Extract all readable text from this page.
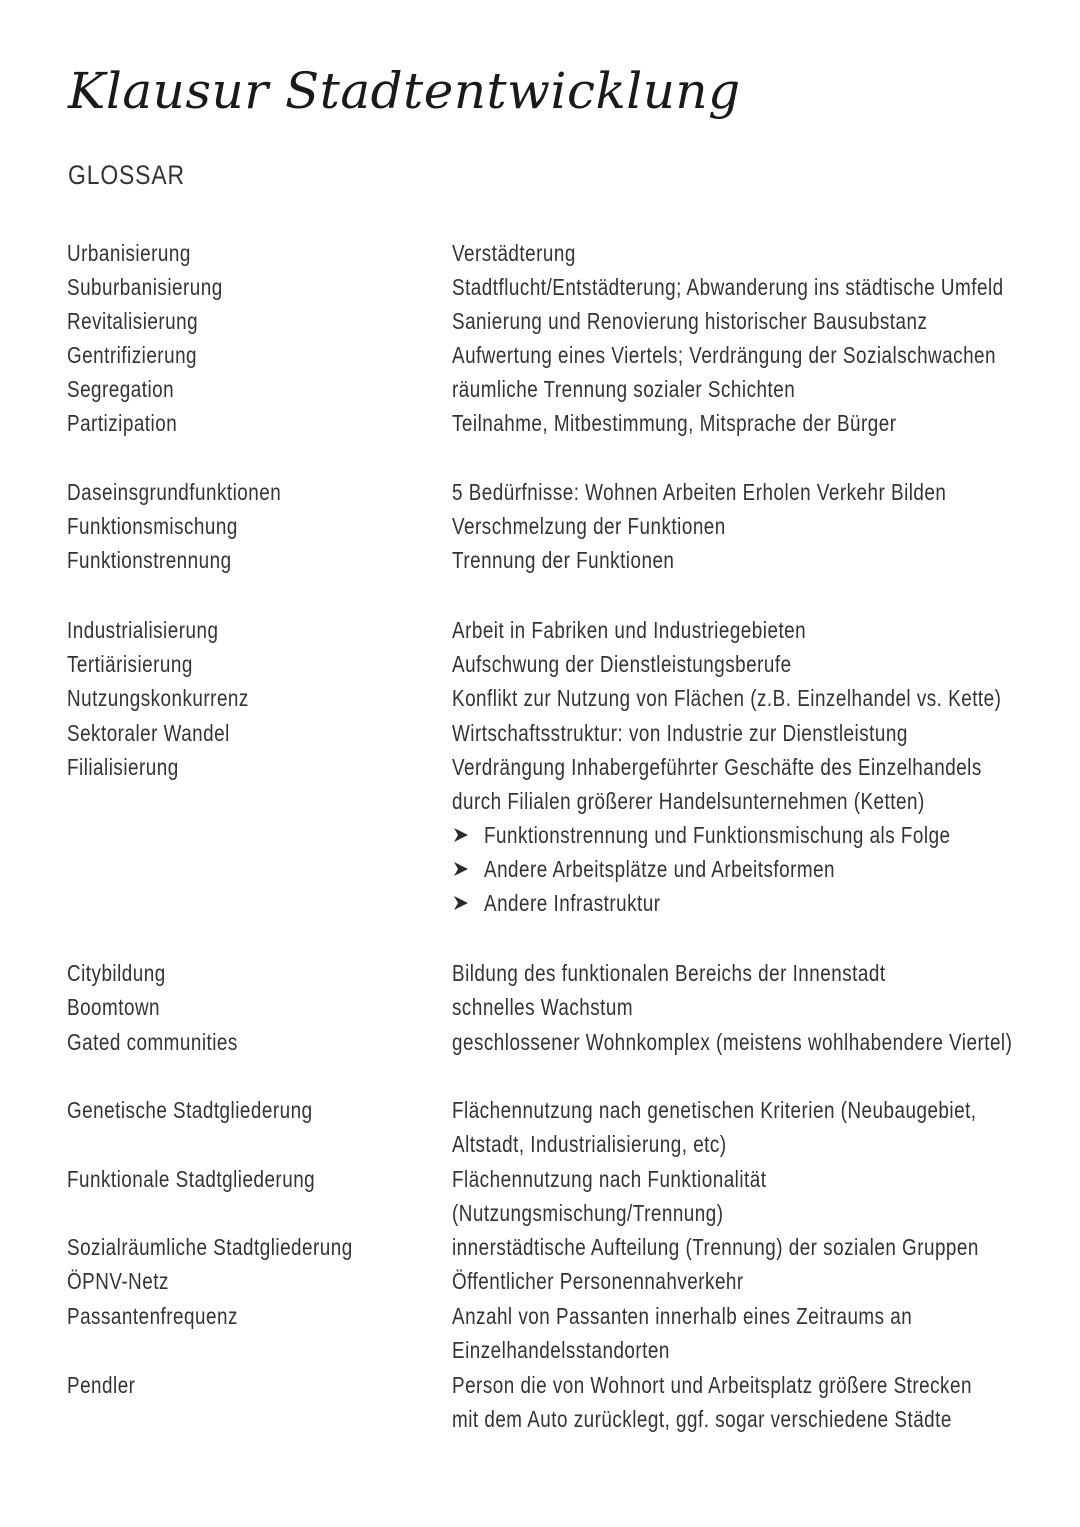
Klausur Stadtentwicklung
GLOSSAR
Urbanisierung	Verstädterung
Suburbanisierung	Stadtflucht/Entstädterung; Abwanderung ins städtische Umfeld
Revitalisierung	Sanierung und Renovierung historischer Bausubstanz
Gentrifizierung	Aufwertung eines Viertels; Verdrängung der Sozialschwachen
Segregation	räumliche Trennung sozialer Schichten
Partizipation	Teilnahme, Mitbestimmung, Mitsprache der Bürger
Daseinsgrundfunktionen	5 Bedürfnisse: Wohnen Arbeiten Erholen Verkehr Bilden
Funktionsmischung	Verschmelzung der Funktionen
Funktionstrennung	Trennung der Funktionen
Industrialisierung	Arbeit in Fabriken und Industriegebieten
Tertiärisierung	Aufschwung der Dienstleistungsberufe
Nutzungskonkurrenz	Konflikt zur Nutzung von Flächen (z.B. Einzelhandel vs. Kette)
Sektoraler Wandel	Wirtschaftsstruktur: von Industrie zur Dienstleistung
Filialisierung	Verdrängung Inhabergeführter Geschäfte des Einzelhandels
durch Filialen größerer Handelsunternehmen (Ketten)
Funktionstrennung und Funktionsmischung als Folge
Andere Arbeitsplätze und Arbeitsformen
Andere Infrastruktur
Citybildung	Bildung des funktionalen Bereichs der Innenstadt
Boomtown	schnelles Wachstum
Gated communities	geschlossener Wohnkomplex (meistens wohlhabendere Viertel)
Genetische Stadtgliederung	Flächennutzung nach genetischen Kriterien (Neubaugebiet,
Altstadt, Industrialisierung, etc)
Funktionale Stadtgliederung	Flächennutzung nach Funktionalität
(Nutzungsmischung/Trennung)
Sozialräumliche Stadtgliederung	innerstädtische Aufteilung (Trennung) der sozialen Gruppen
ÖPNV-Netz	Öffentlicher Personennahverkehr
Passantenfrequenz	Anzahl von Passanten innerhalb eines Zeitraums an
Einzelhandelsstandorten
Pendler	Person die von Wohnort und Arbeitsplatz größere Strecken
mit dem Auto zurücklegt, ggf. sogar verschiedene Städte
